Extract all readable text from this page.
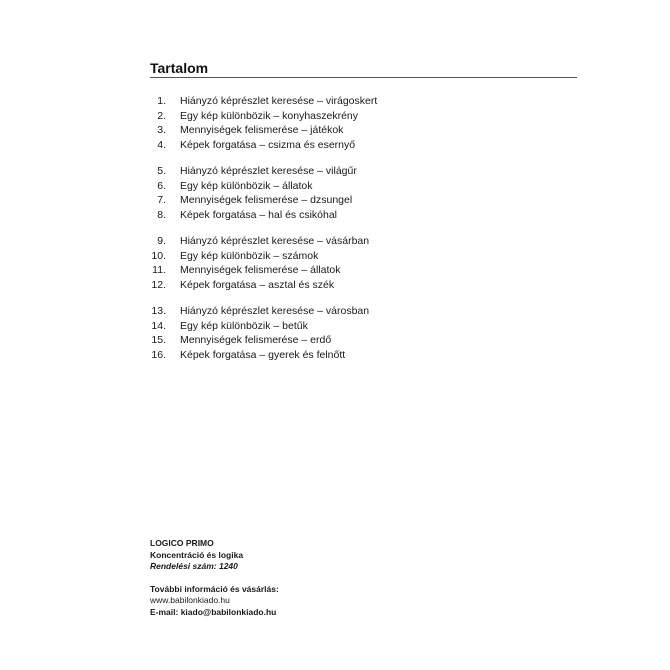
Tartalom
1. Hiányzó képrészlet keresése – virágoskert
2. Egy kép különbözik – konyhaszekrény
3. Mennyiségek felismerése – játékok
4. Képek forgatása – csizma és esernyő
5. Hiányzó képrészlet keresése – világűr
6. Egy kép különbözik – állatok
7. Mennyiségek felismerése – dzsungel
8. Képek forgatása – hal és csikóhal
9. Hiányzó képrészlet keresése – vásárban
10. Egy kép különbözik – számok
11. Mennyiségek felismerése – állatok
12. Képek forgatása – asztal és szék
13. Hiányzó képrészlet keresése – városban
14. Egy kép különbözik – betűk
15. Mennyiségek felismerése – erdő
16. Képek forgatása – gyerek és felnőtt
LOGICO PRIMO
Koncentráció és logika
Rendelési szám: 1240
További információ és vásárlás:
www.babilonkiado.hu
E-mail: kiado@babilonkiado.hu
